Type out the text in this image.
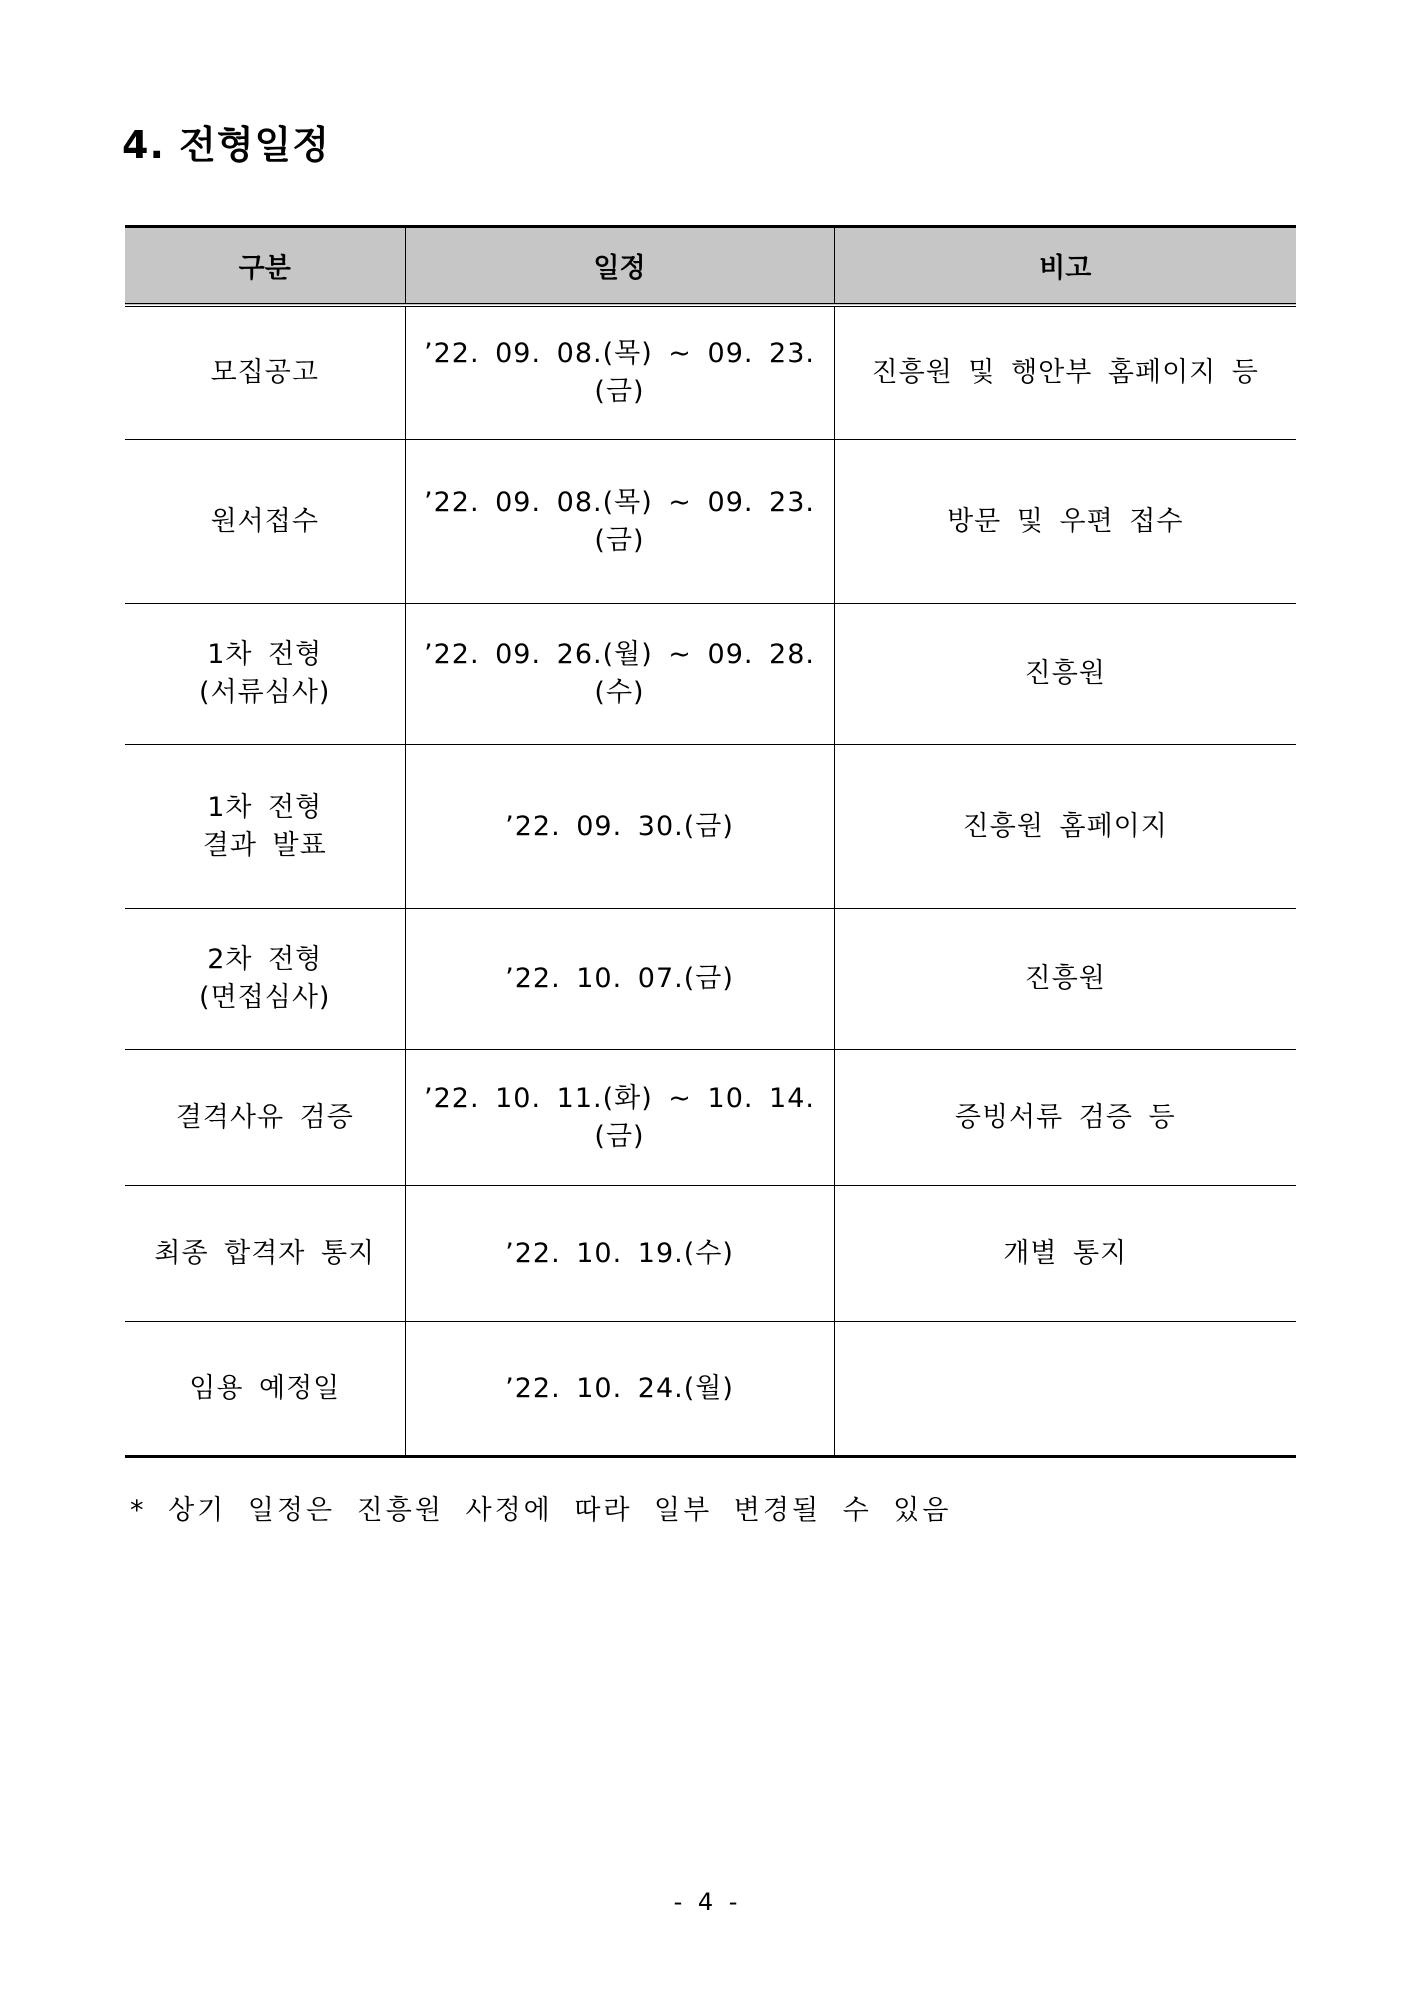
4. 전형일정
구분	일정	비고
모집공고	’22. 09. 08.(목) ~ 09. 23.(금)	진흥원 및 행안부 홈페이지 등
원서접수	’22. 09. 08.(목) ~ 09. 23.(금)	방문 및 우편 접수
1차 전형
(서류심사)	’22. 09. 26.(월) ~ 09. 28.(수)	진흥원
1차 전형
결과 발표	’22. 09. 30.(금)	진흥원 홈페이지
2차 전형
(면접심사)	’22. 10. 07.(금)	진흥원
결격사유 검증	’22. 10. 11.(화) ~ 10. 14.(금)	증빙서류 검증 등
최종 합격자 통지	’22. 10. 19.(수)	개별 통지
임용 예정일	’22. 10. 24.(월)	

* 상기 일정은 진흥원 사정에 따라 일부 변경될 수 있음

- 4 -
